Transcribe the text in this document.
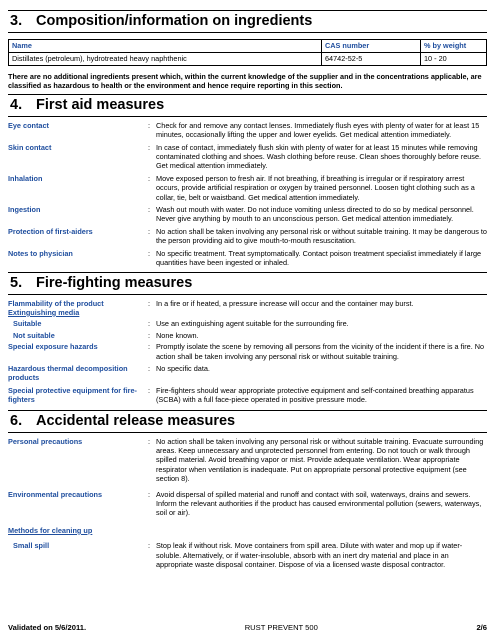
3. Composition/information on ingredients
Name	CAS number	% by weight
Distillates (petroleum), hydrotreated heavy naphthenic	64742-52-5	10 - 20

There are no additional ingredients present which, within the current knowledge of the supplier and in the concentrations applicable, are classified as hazardous to health or the environment and hence require reporting in this section.

4. First aid measures
Eye contact	: Check for and remove any contact lenses. Immediately flush eyes with plenty of water for at least 15 minutes, occasionally lifting the upper and lower eyelids. Get medical attention immediately.
Skin contact	: In case of contact, immediately flush skin with plenty of water for at least 15 minutes while removing contaminated clothing and shoes. Wash clothing before reuse. Clean shoes thoroughly before reuse. Get medical attention immediately.
Inhalation	: Move exposed person to fresh air. If not breathing, if breathing is irregular or if respiratory arrest occurs, provide artificial respiration or oxygen by trained personnel. Loosen tight clothing such as a collar, tie, belt or waistband. Get medical attention immediately.
Ingestion	: Wash out mouth with water. Do not induce vomiting unless directed to do so by medical personnel. Never give anything by mouth to an unconscious person. Get medical attention immediately.
Protection of first-aiders	: No action shall be taken involving any personal risk or without suitable training. It may be dangerous to the person providing aid to give mouth-to-mouth resuscitation.
Notes to physician	: No specific treatment. Treat symptomatically. Contact poison treatment specialist immediately if large quantities have been ingested or inhaled.
5. Fire-fighting measures
Flammability of the product	: In a fire or if heated, a pressure increase will occur and the container may burst.
Extinguishing media
Suitable	: Use an extinguishing agent suitable for the surrounding fire.
Not suitable	: None known.
Special exposure hazards	: Promptly isolate the scene by removing all persons from the vicinity of the incident if there is a fire. No action shall be taken involving any personal risk or without suitable training.
Hazardous thermal decomposition products
: No specific data.
Special protective equipment for fire-fighters
: Fire-fighters should wear appropriate protective equipment and self-contained breathing apparatus (SCBA) with a full face-piece operated in positive pressure mode.
6. Accidental release measures
Personal precautions	: No action shall be taken involving any personal risk or without suitable training. Evacuate surrounding areas. Keep unnecessary and unprotected personnel from entering. Do not touch or walk through spilled material. Avoid breathing vapor or mist. Provide adequate ventilation. Wear appropriate respirator when ventilation is inadequate. Put on appropriate personal protective equipment (see section 8).
Environmental precautions	: Avoid dispersal of spilled material and runoff and contact with soil, waterways, drains and sewers. Inform the relevant authorities if the product has caused environmental pollution (sewers, waterways, soil or air).
Methods for cleaning up
Small spill	: Stop leak if without risk. Move containers from spill area. Dilute with water and mop up if water-soluble. Alternatively, or if water-insoluble, absorb with an inert dry material and place in an appropriate waste disposal container. Dispose of via a licensed waste disposal contractor.
Validated on 5/6/2011.	RUST PREVENT 500	2/6
